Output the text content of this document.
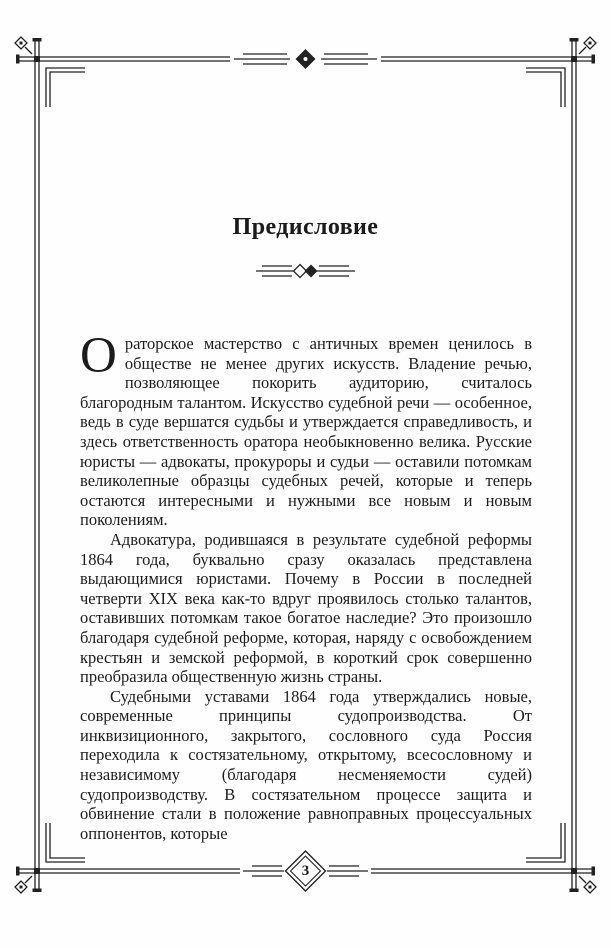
Предисловие

Ораторское мастерство с античных времен ценилось в обществе не менее других искусств. Владение речью, позволяющее покорить аудиторию, считалось благородным талантом. Искусство судебной речи — особенное, ведь в суде вершатся судьбы и утверждается справедливость, и здесь ответственность оратора необыкновенно велика. Русские юристы — адвокаты, прокуроры и судьи — оставили потомкам великолепные образцы судебных речей, которые и теперь остаются интересными и нужными все новым и новым поколениям.

Адвокатура, родившаяся в результате судебной реформы 1864 года, буквально сразу оказалась представлена выдающимися юристами. Почему в России в последней четверти XIX века как-то вдруг проявилось столько талантов, оставивших потомкам такое богатое наследие? Это произошло благодаря судебной реформе, которая, наряду с освобождением крестьян и земской реформой, в короткий срок совершенно преобразила общественную жизнь страны.

Судебными уставами 1864 года утверждались новые, современные принципы судопроизводства. От инквизиционного, закрытого, сословного суда Россия переходила к состязательному, открытому, всесословному и независимому (благодаря несменяемости судей) судопроизводству. В состязательном процессе защита и обвинение стали в положение равноправных процессуальных оппонентов, которые

3
